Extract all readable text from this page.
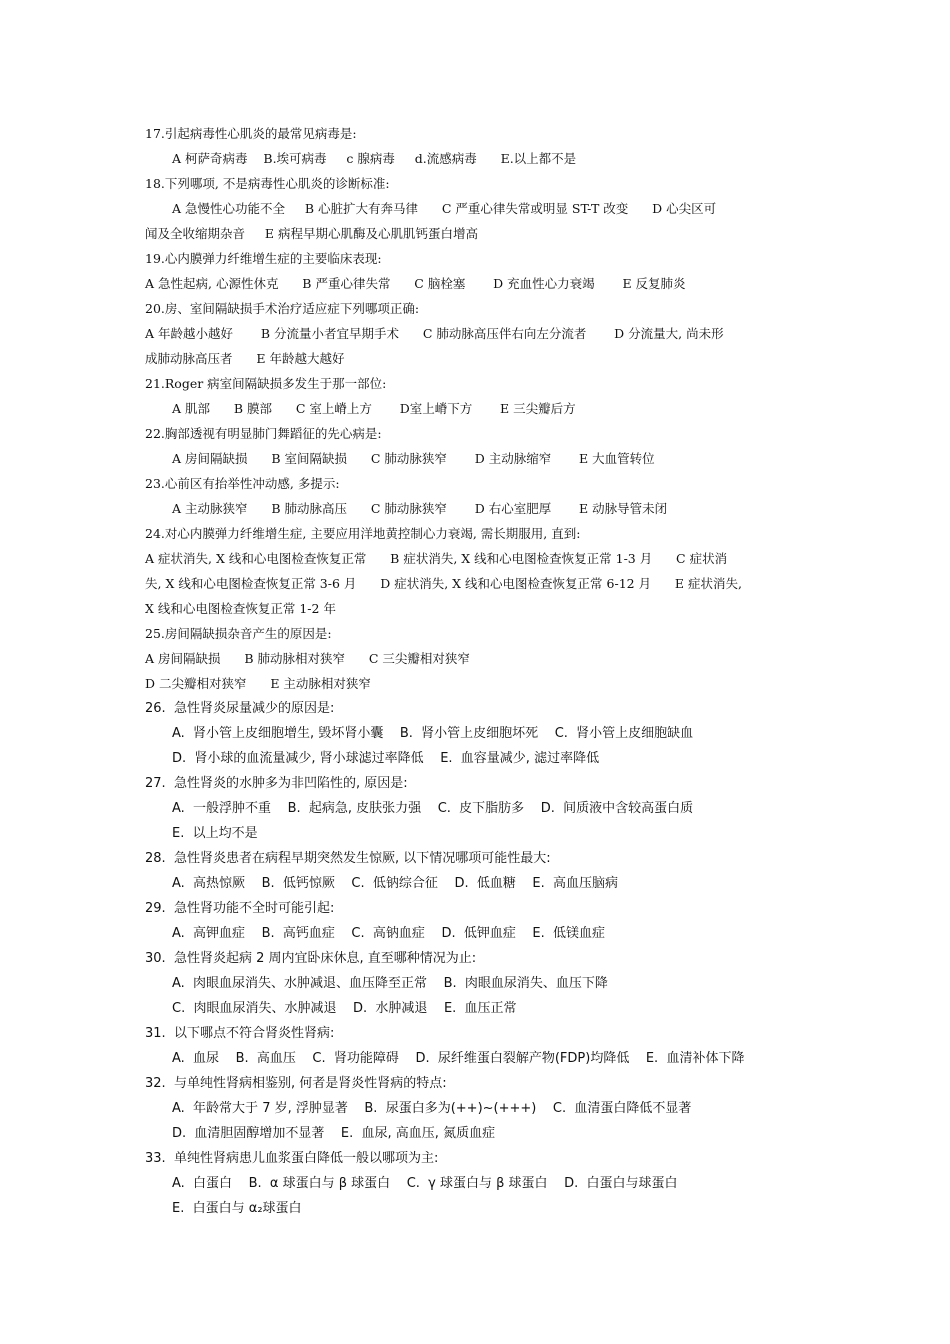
17.引起病毒性心肌炎的最常见病毒是:
A 柯萨奇病毒    B.埃可病毒     c 腺病毒     d.流感病毒      E.以上都不是
18.下列哪项, 不是病毒性心肌炎的诊断标准:
A 急慢性心功能不全     B 心脏扩大有奔马律      C 严重心律失常或明显 ST-T 改变      D 心尖区可
闻及全收缩期杂音     E 病程早期心肌酶及心肌肌钙蛋白增高
19.心内膜弹力纤维增生症的主要临床表现:
A 急性起病, 心源性休克      B 严重心律失常      C 脑栓塞       D 充血性心力衰竭       E 反复肺炎
20.房、室间隔缺损手术治疗适应症下列哪项正确:
A 年龄越小越好       B 分流量小者宜早期手术      C 肺动脉高压伴右向左分流者       D 分流量大, 尚未形
成肺动脉高压者      E 年龄越大越好
21.Roger 病室间隔缺损多发生于那一部位:
A 肌部      B 膜部      C 室上嵴上方       D室上嵴下方       E 三尖瓣后方
22.胸部透视有明显肺门舞蹈征的先心病是:
A 房间隔缺损      B 室间隔缺损      C 肺动脉狭窄       D 主动脉缩窄       E 大血管转位
23.心前区有抬举性冲动感, 多提示:
A 主动脉狭窄      B 肺动脉高压      C 肺动脉狭窄       D 右心室肥厚       E 动脉导管未闭
24.对心内膜弹力纤维增生症, 主要应用洋地黄控制心力衰竭, 需长期服用, 直到:
A 症状消失, X 线和心电图检查恢复正常      B 症状消失, X 线和心电图检查恢复正常 1-3 月      C 症状消
失, X 线和心电图检查恢复正常 3-6 月      D 症状消失, X 线和心电图检查恢复正常 6-12 月      E 症状消失,
X 线和心电图检查恢复正常 1-2 年
25.房间隔缺损杂音产生的原因是:
A 房间隔缺损      B 肺动脉相对狭窄      C 三尖瓣相对狭窄
D 二尖瓣相对狭窄      E 主动脉相对狭窄
26.  急性肾炎尿量减少的原因是:
A.  肾小管上皮细胞增生, 毁坏肾小囊    B.  肾小管上皮细胞坏死    C.  肾小管上皮细胞缺血
D.  肾小球的血流量减少, 肾小球滤过率降低    E.  血容量减少, 滤过率降低
27.  急性肾炎的水肿多为非凹陷性的, 原因是:
A.  一般浮肿不重    B.  起病急, 皮肤张力强    C.  皮下脂肪多    D.  间质液中含较高蛋白质
E.  以上均不是
28.  急性肾炎患者在病程早期突然发生惊厥, 以下情况哪项可能性最大:
A.  高热惊厥    B.  低钙惊厥    C.  低钠综合征    D.  低血糖    E.  高血压脑病
29.  急性肾功能不全时可能引起:
A.  高钾血症    B.  高钙血症    C.  高钠血症    D.  低钾血症    E.  低镁血症
30.  急性肾炎起病 2 周内宜卧床休息, 直至哪种情况为止:
A.  肉眼血尿消失、水肿减退、血压降至正常    B.  肉眼血尿消失、血压下降
C.  肉眼血尿消失、水肿减退    D.  水肿减退    E.  血压正常
31.  以下哪点不符合肾炎性肾病:
A.  血尿    B.  高血压    C.  肾功能障碍    D.  尿纤维蛋白裂解产物(FDP)均降低    E.  血清补体下降
32.  与单纯性肾病相鉴别, 何者是肾炎性肾病的特点:
A.  年龄常大于 7 岁, 浮肿显著    B.  尿蛋白多为(++)~(+++)    C.  血清蛋白降低不显著
D.  血清胆固醇增加不显著    E.  血尿, 高血压, 氮质血症
33.  单纯性肾病患儿血浆蛋白降低一般以哪项为主:
A.  白蛋白    B.  α 球蛋白与 β 球蛋白    C.  γ 球蛋白与 β 球蛋白    D.  白蛋白与球蛋白
E.  白蛋白与 α₂球蛋白
